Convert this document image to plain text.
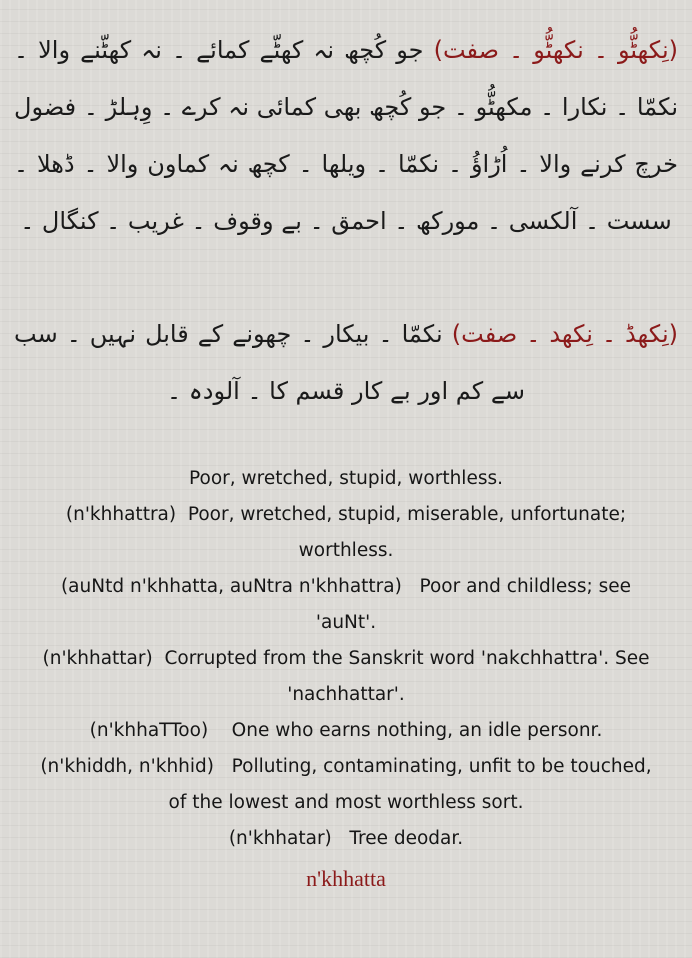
(نِکھٹُّو ۔ نکھٹُّو ۔ صفت) جو کُچھ نہ کھٹّے کمائے ۔ نہ کھٹّنے والا ۔ نکمّا ۔ نکارا ۔ مکھٹُّو ۔ جو کُچھ بھی کمائی نہ کرے ۔ وِہلڑ ۔ فضول خرچ کرنے والا ۔ اُڑاؤُ ۔ نکمّا ۔ ویلھا ۔ کچھ نہ کماون والا ۔ ڈھلا ۔ سست ۔ آلکسی ۔ مورکھ ۔ احمق ۔ بے وقوف ۔ غریب ۔ کنگال ۔
(نِکھڈ ۔ نِکھد ۔ صفت) نکمّا ۔ بیکار ۔ چھونے کے قابل نہیں ۔ سب سے کم اور بے کار قسم کا ۔ آلودہ ۔
Poor, wretched, stupid, worthless.
(n'khhattra)  Poor, wretched, stupid, miserable, unfortunate;
worthless.
(auNtd n'khhatta, auNtra n'khhattra)   Poor and childless; see
'auNt'.
(n'khhattar)  Corrupted from the Sanskrit word 'nakchhattra'. See
'nachhattar'.
(n'khhaTToo)    One who earns nothing, an idle personr.
(n'khiddh, n'khhid)   Polluting, contaminating, unfit to be touched,
of the lowest and most worthless sort.
(n'khhatar)   Tree deodar.
n'khhatta
